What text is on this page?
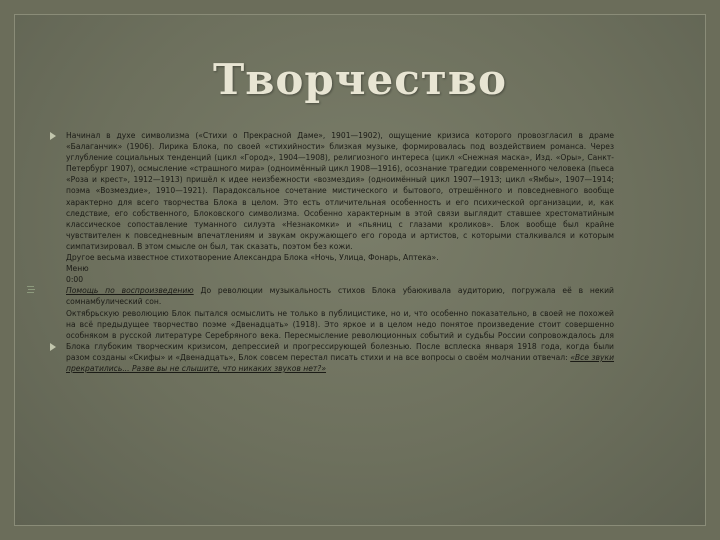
Творчество

Начинал в духе символизма («Стихи о Прекрасной Даме», 1901—1902), ощущение кризиса которого провозгласил в драме «Балаганчик» (1906). Лирика Блока, по своей «стихийности» близкая музыке, формировалась под воздействием романса. Через углубление социальных тенденций (цикл «Город», 1904—1908), религиозного интереса (цикл «Снежная маска», Изд. «Оры», Санкт-Петербург 1907), осмысление «страшного мира» (одноимённый цикл 1908—1916), осознание трагедии современного человека (пьеса «Роза и крест», 1912—1913) пришёл к идее неизбежности «возмездия» (одноимённый цикл 1907—1913; цикл «Ямбы», 1907—1914; поэма «Возмездие», 1910—1921). Парадоксальное сочетание мистического и бытового, отрешённого и повседневного вообще характерно для всего творчества Блока в целом. Это есть отличительная особенность и его психической организации, и, как следствие, его собственного, Блоковского символизма. Особенно характерным в этой связи выглядит ставшее хрестоматийным классическое сопоставление туманного силуэта «Незнакомки» и «пьяниц с глазами кроликов». Блок вообще был крайне чувствителен к повседневным впечатлениям и звукам окружающего его города и артистов, с которыми сталкивался и которым симпатизировал. В этом смысле он был, так сказать, поэтом без кожи.

Другое весьма известное стихотворение Александра Блока «Ночь, Улица, Фонарь, Аптека».

Меню

0:00

Помощь по воспроизведению До революции музыкальность стихов Блока убаюкивала аудиторию, погружала её в некий сомнамбулический сон.

Октябрьскую революцию Блок пытался осмыслить не только в публицистике, но и, что особенно показательно, в своей не похожей на всё предыдущее творчество поэме «Двенадцать» (1918). Это яркое и в целом недо понятое произведение стоит совершенно особняком в русской литературе Серебряного века. Пересмысление революционных событий и судьбы России сопровождалось для Блока глубоким творческим кризисом, депрессией и прогрессирующей болезнью. После всплеска января 1918 года, когда были разом созданы «Скифы» и «Двенадцать», Блок совсем перестал писать стихи и на все вопросы о своём молчании отвечал: «Все звуки прекратились... Разве вы не слышите, что никаких звуков нет?»
